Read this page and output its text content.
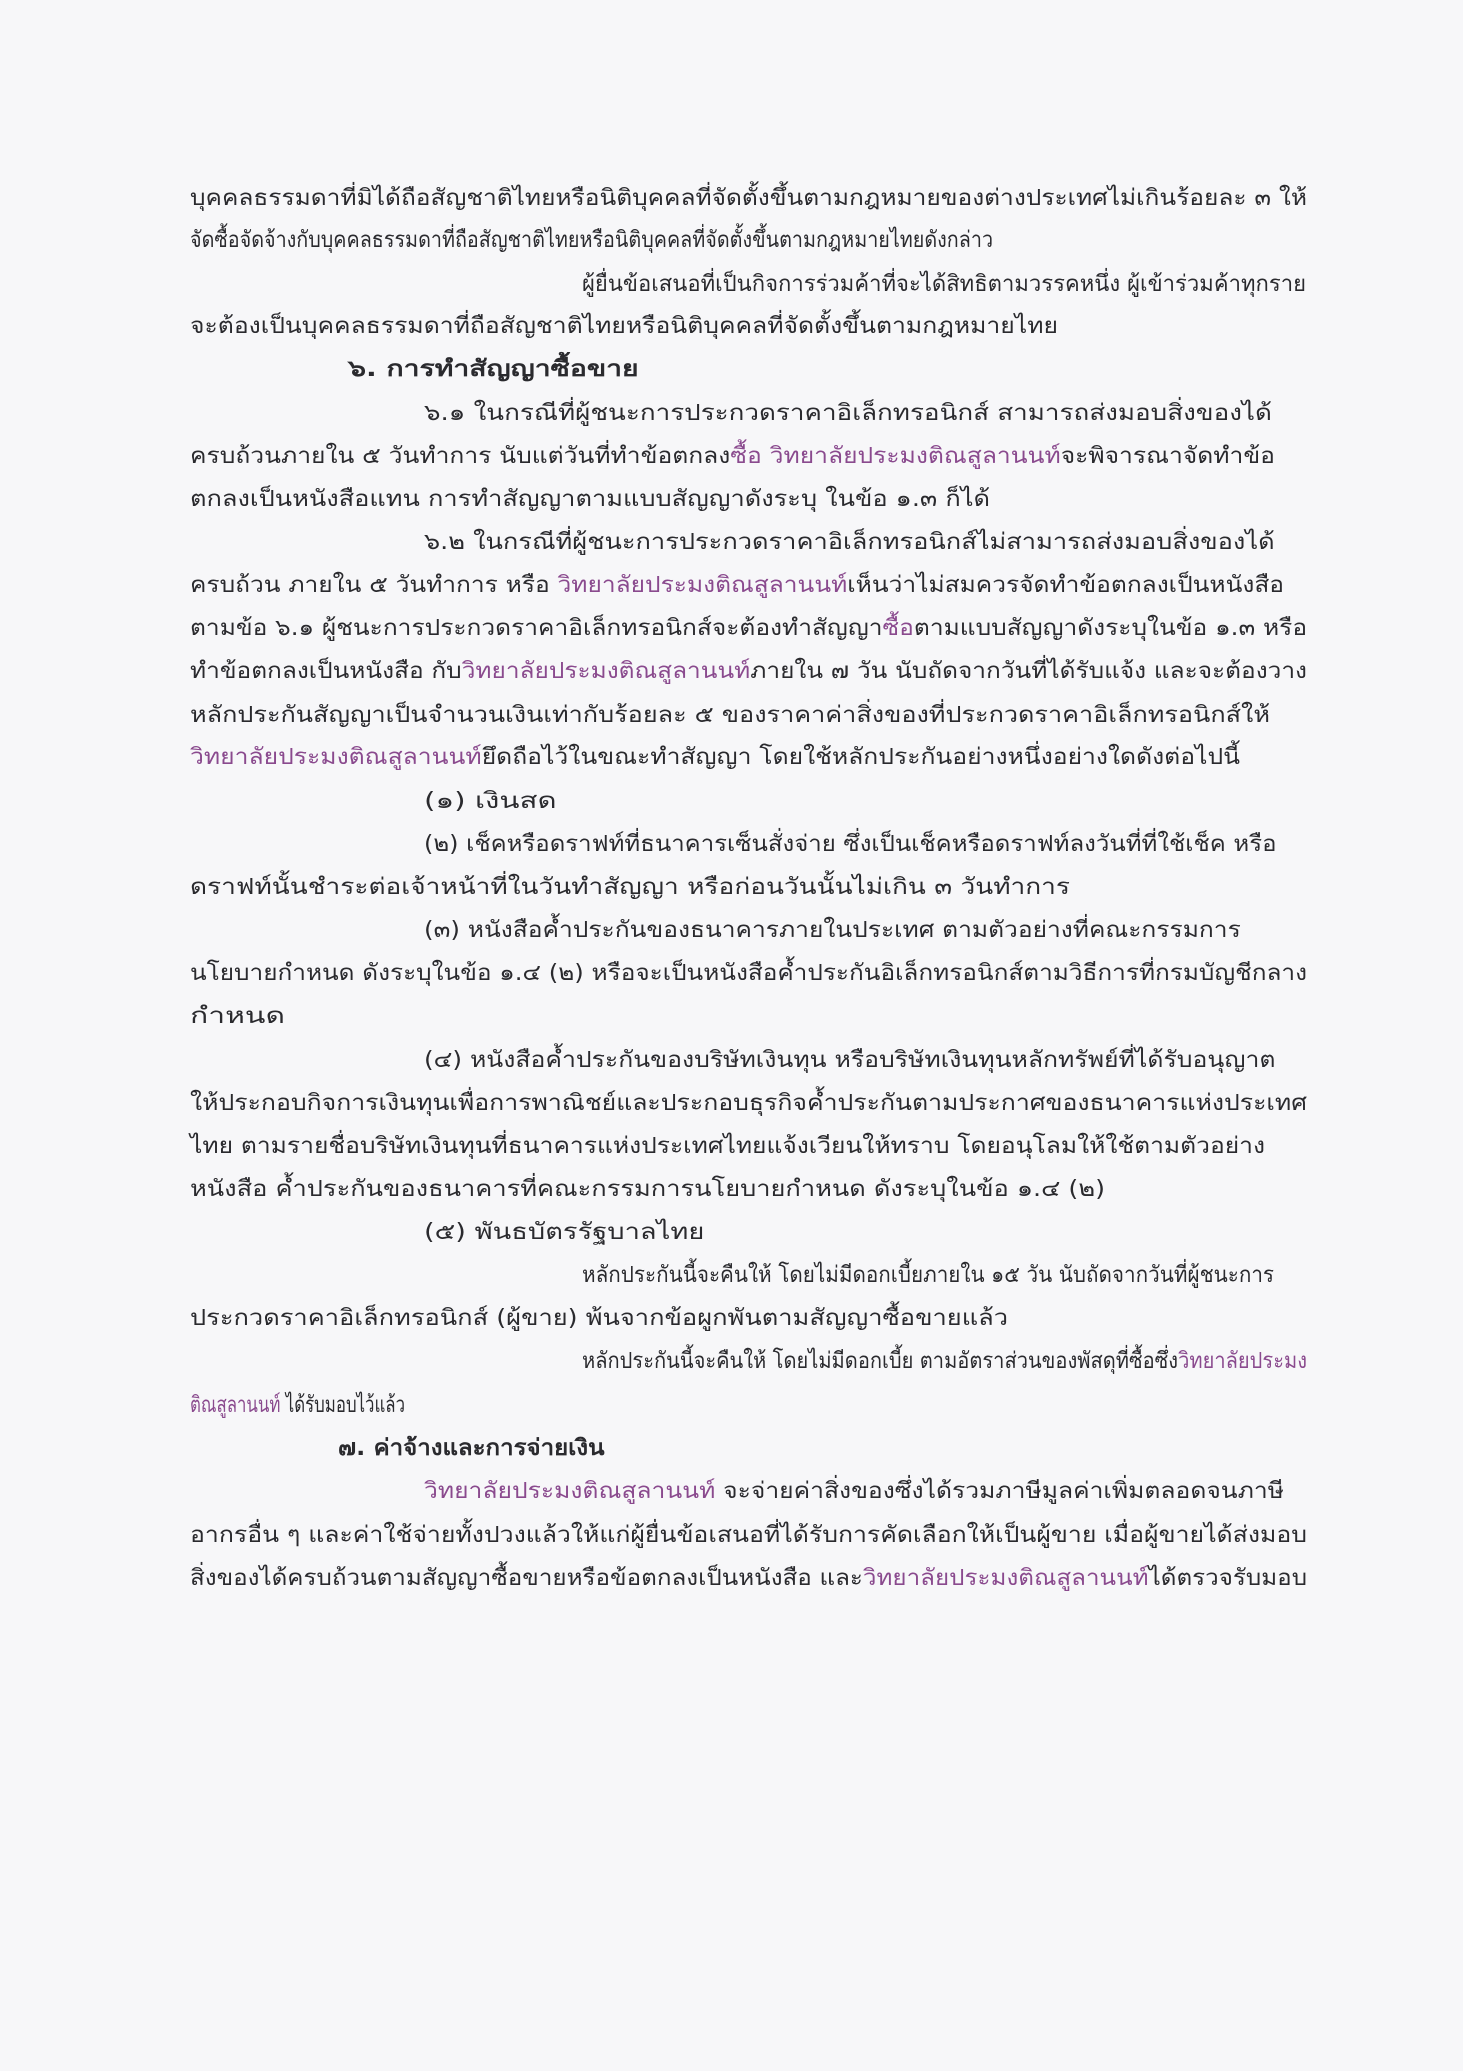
บุคคลธรรมดาที่มิได้ถือสัญชาติไทยหรือนิติบุคคลที่จัดตั้งขึ้นตามกฎหมายของต่างประเทศไม่เกินร้อยละ ๓ ให้
จัดซื้อจัดจ้างกับบุคคลธรรมดาที่ถือสัญชาติไทยหรือนิติบุคคลที่จัดตั้งขึ้นตามกฎหมายไทยดังกล่าว
ผู้ยื่นข้อเสนอที่เป็นกิจการร่วมค้าที่จะได้สิทธิตามวรรคหนึ่ง ผู้เข้าร่วมค้าทุกราย
จะต้องเป็นบุคคลธรรมดาที่ถือสัญชาติไทยหรือนิติบุคคลที่จัดตั้งขึ้นตามกฎหมายไทย
๖. การทำสัญญาซื้อขาย
๖.๑ ในกรณีที่ผู้ชนะการประกวดราคาอิเล็กทรอนิกส์ สามารถส่งมอบสิ่งของได้
ครบถ้วนภายใน ๕ วันทำการ นับแต่วันที่ทำข้อตกลงซื้อ วิทยาลัยประมงติณสูลานนท์จะพิจารณาจัดทำข้อ
ตกลงเป็นหนังสือแทน การทำสัญญาตามแบบสัญญาดังระบุ ในข้อ ๑.๓ ก็ได้
๖.๒ ในกรณีที่ผู้ชนะการประกวดราคาอิเล็กทรอนิกส์ไม่สามารถส่งมอบสิ่งของได้
ครบถ้วน ภายใน ๕ วันทำการ หรือ วิทยาลัยประมงติณสูลานนท์เห็นว่าไม่สมควรจัดทำข้อตกลงเป็นหนังสือ
ตามข้อ ๖.๑ ผู้ชนะการประกวดราคาอิเล็กทรอนิกส์จะต้องทำสัญญาซื้อตามแบบสัญญาดังระบุในข้อ ๑.๓ หรือ
ทำข้อตกลงเป็นหนังสือ กับวิทยาลัยประมงติณสูลานนท์ภายใน ๗ วัน นับถัดจากวันที่ได้รับแจ้ง และจะต้องวาง
หลักประกันสัญญาเป็นจำนวนเงินเท่ากับร้อยละ ๕ ของราคาค่าสิ่งของที่ประกวดราคาอิเล็กทรอนิกส์ให้
วิทยาลัยประมงติณสูลานนท์ยึดถือไว้ในขณะทำสัญญา โดยใช้หลักประกันอย่างหนึ่งอย่างใดดังต่อไปนี้
(๑) เงินสด
(๒) เช็คหรือดราฟท์ที่ธนาคารเซ็นสั่งจ่าย ซึ่งเป็นเช็คหรือดราฟท์ลงวันที่ที่ใช้เช็ค หรือ
ดราฟท์นั้นชำระต่อเจ้าหน้าที่ในวันทำสัญญา หรือก่อนวันนั้นไม่เกิน ๓ วันทำการ
(๓) หนังสือค้ำประกันของธนาคารภายในประเทศ ตามตัวอย่างที่คณะกรรมการ
นโยบายกำหนด ดังระบุในข้อ ๑.๔ (๒) หรือจะเป็นหนังสือค้ำประกันอิเล็กทรอนิกส์ตามวิธีการที่กรมบัญชีกลาง
กำหนด
(๔) หนังสือค้ำประกันของบริษัทเงินทุน หรือบริษัทเงินทุนหลักทรัพย์ที่ได้รับอนุญาต
ให้ประกอบกิจการเงินทุนเพื่อการพาณิชย์และประกอบธุรกิจค้ำประกันตามประกาศของธนาคารแห่งประเทศ
ไทย ตามรายชื่อบริษัทเงินทุนที่ธนาคารแห่งประเทศไทยแจ้งเวียนให้ทราบ โดยอนุโลมให้ใช้ตามตัวอย่าง
หนังสือ ค้ำประกันของธนาคารที่คณะกรรมการนโยบายกำหนด ดังระบุในข้อ ๑.๔ (๒)
(๕) พันธบัตรรัฐบาลไทย
หลักประกันนี้จะคืนให้ โดยไม่มีดอกเบี้ยภายใน ๑๕ วัน นับถัดจากวันที่ผู้ชนะการ
ประกวดราคาอิเล็กทรอนิกส์ (ผู้ขาย) พ้นจากข้อผูกพันตามสัญญาซื้อขายแล้ว
หลักประกันนี้จะคืนให้ โดยไม่มีดอกเบี้ย ตามอัตราส่วนของพัสดุที่ซื้อซึ่งวิทยาลัยประมง
ติณสูลานนท์ ได้รับมอบไว้แล้ว
๗. ค่าจ้างและการจ่ายเงิน
วิทยาลัยประมงติณสูลานนท์ จะจ่ายค่าสิ่งของซึ่งได้รวมภาษีมูลค่าเพิ่มตลอดจนภาษี
อากรอื่น ๆ และค่าใช้จ่ายทั้งปวงแล้วให้แก่ผู้ยื่นข้อเสนอที่ได้รับการคัดเลือกให้เป็นผู้ขาย เมื่อผู้ขายได้ส่งมอบ
สิ่งของได้ครบถ้วนตามสัญญาซื้อขายหรือข้อตกลงเป็นหนังสือ และวิทยาลัยประมงติณสูลานนท์ได้ตรวจรับมอบ
